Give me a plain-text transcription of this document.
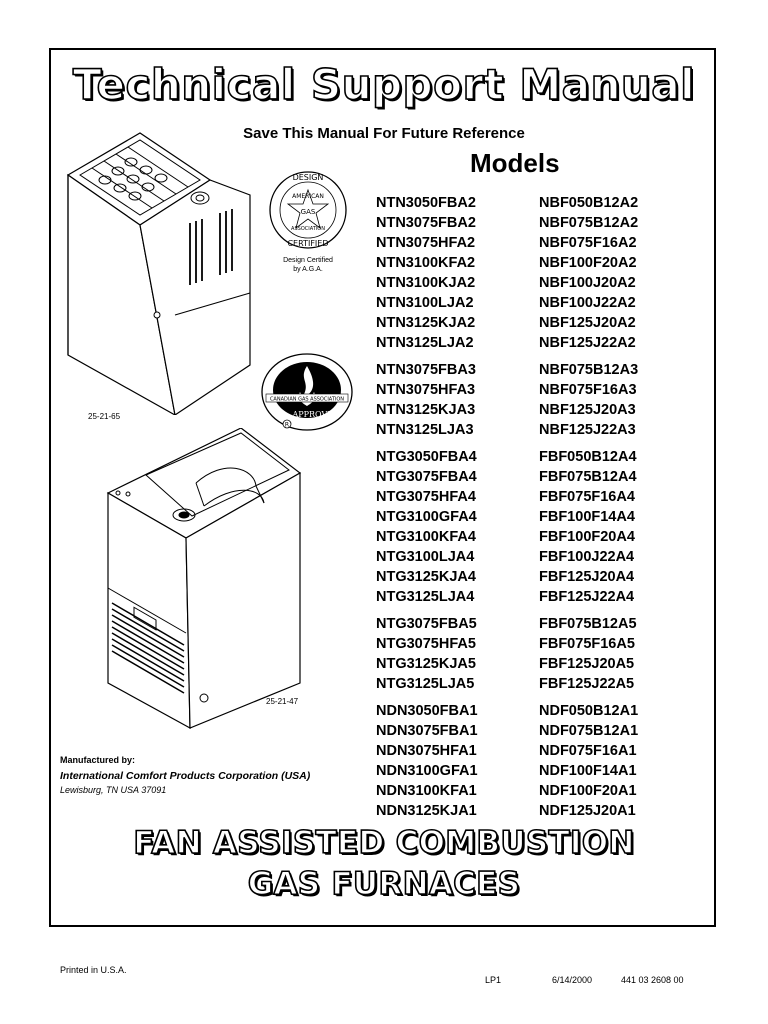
Technical Support Manual
Save This Manual For Future Reference
25-21-65
DESIGN
AMERICAN
GAS
ASSOCIATION
CERTIFIED
Design Certified
by A.G.A.
CANADIAN GAS ASSOCIATION
APPROVED
R
25-21-47
Models
NTN3050FBA2
NTN3075FBA2
NTN3075HFA2
NTN3100KFA2
NTN3100KJA2
NTN3100LJA2
NTN3125KJA2
NTN3125LJA2
NTN3075FBA3
NTN3075HFA3
NTN3125KJA3
NTN3125LJA3
NTG3050FBA4
NTG3075FBA4
NTG3075HFA4
NTG3100GFA4
NTG3100KFA4
NTG3100LJA4
NTG3125KJA4
NTG3125LJA4
NTG3075FBA5
NTG3075HFA5
NTG3125KJA5
NTG3125LJA5
NDN3050FBA1
NDN3075FBA1
NDN3075HFA1
NDN3100GFA1
NDN3100KFA1
NDN3125KJA1
NBF050B12A2
NBF075B12A2
NBF075F16A2
NBF100F20A2
NBF100J20A2
NBF100J22A2
NBF125J20A2
NBF125J22A2
NBF075B12A3
NBF075F16A3
NBF125J20A3
NBF125J22A3
FBF050B12A4
FBF075B12A4
FBF075F16A4
FBF100F14A4
FBF100F20A4
FBF100J22A4
FBF125J20A4
FBF125J22A4
FBF075B12A5
FBF075F16A5
FBF125J20A5
FBF125J22A5
NDF050B12A1
NDF075B12A1
NDF075F16A1
NDF100F14A1
NDF100F20A1
NDF125J20A1
Manufactured by:
International Comfort Products Corporation (USA)
Lewisburg, TN USA 37091
FAN ASSISTED COMBUSTION
GAS FURNACES
Printed in U.S.A.
LP1	6/14/2000	441 03 2608 00
